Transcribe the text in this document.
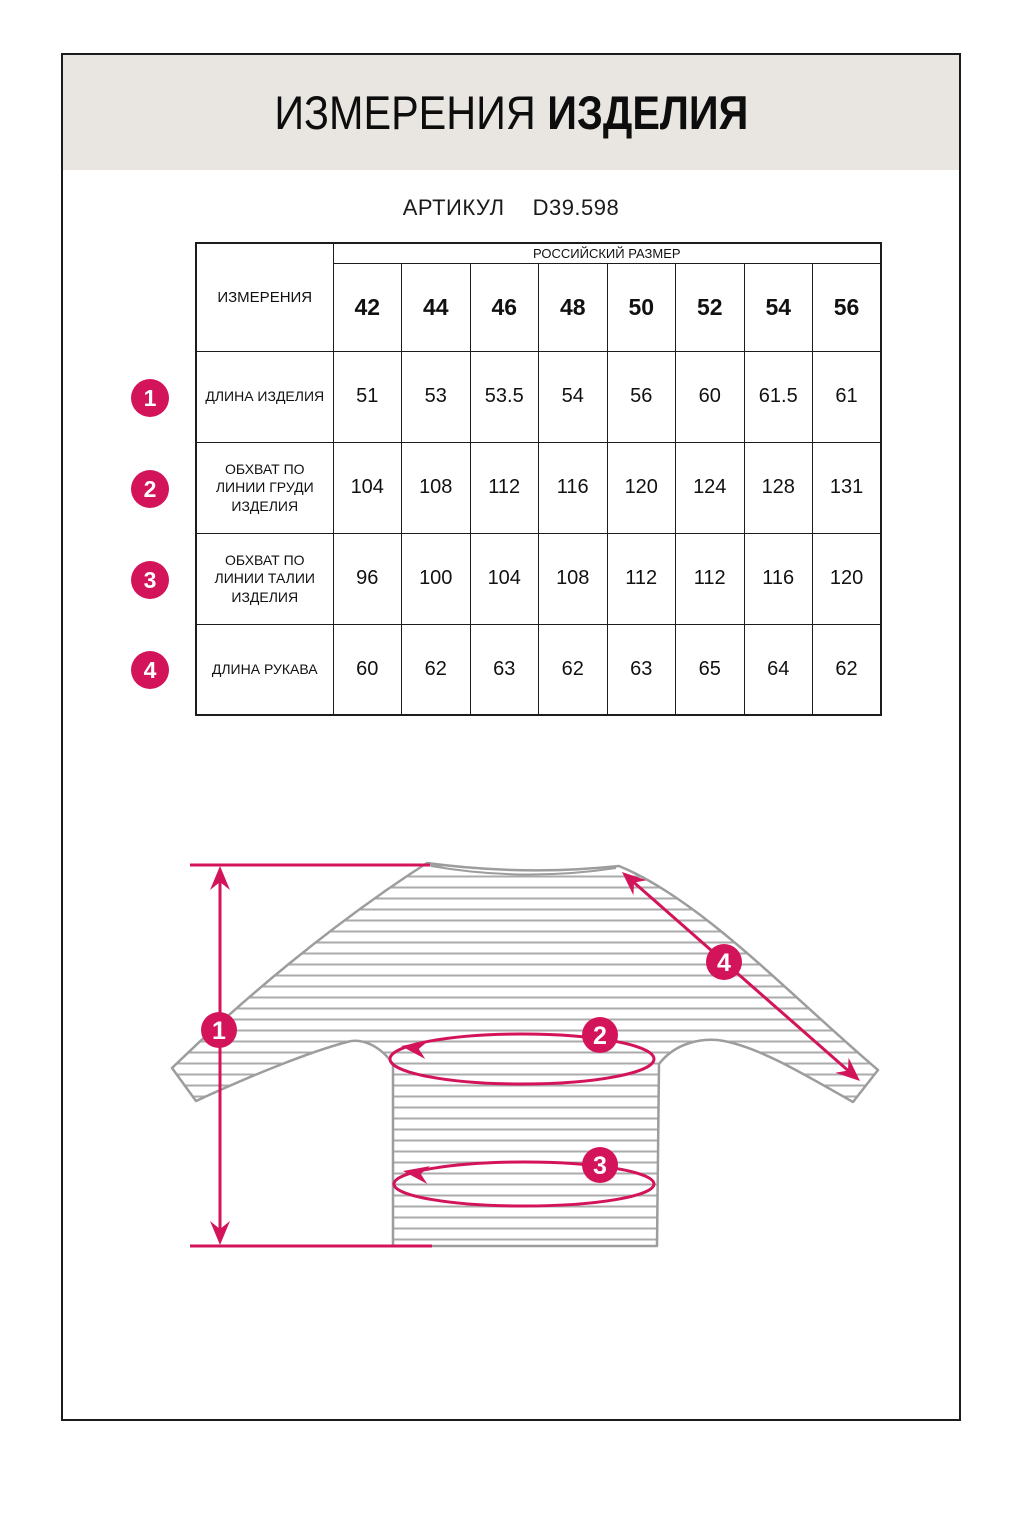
ИЗМЕРЕНИЯ ИЗДЕЛИЯ
АРТИКУЛ D39.598
ИЗМЕРЕНИЯ	РОССИЙСКИЙ РАЗМЕР							
	42	44	46	48	50	52	54	56
ДЛИНА ИЗДЕЛИЯ	51	53	53.5	54	56	60	61.5	61
ОБХВАТ ПО ЛИНИИ ГРУДИ ИЗДЕЛИЯ	104	108	112	116	120	124	128	131
ОБХВАТ ПО ЛИНИИ ТАЛИИ ИЗДЕЛИЯ	96	100	104	108	112	112	116	120
ДЛИНА РУКАВА	60	62	63	62	63	65	64	62
1
2
3
4
1	2
3
4
